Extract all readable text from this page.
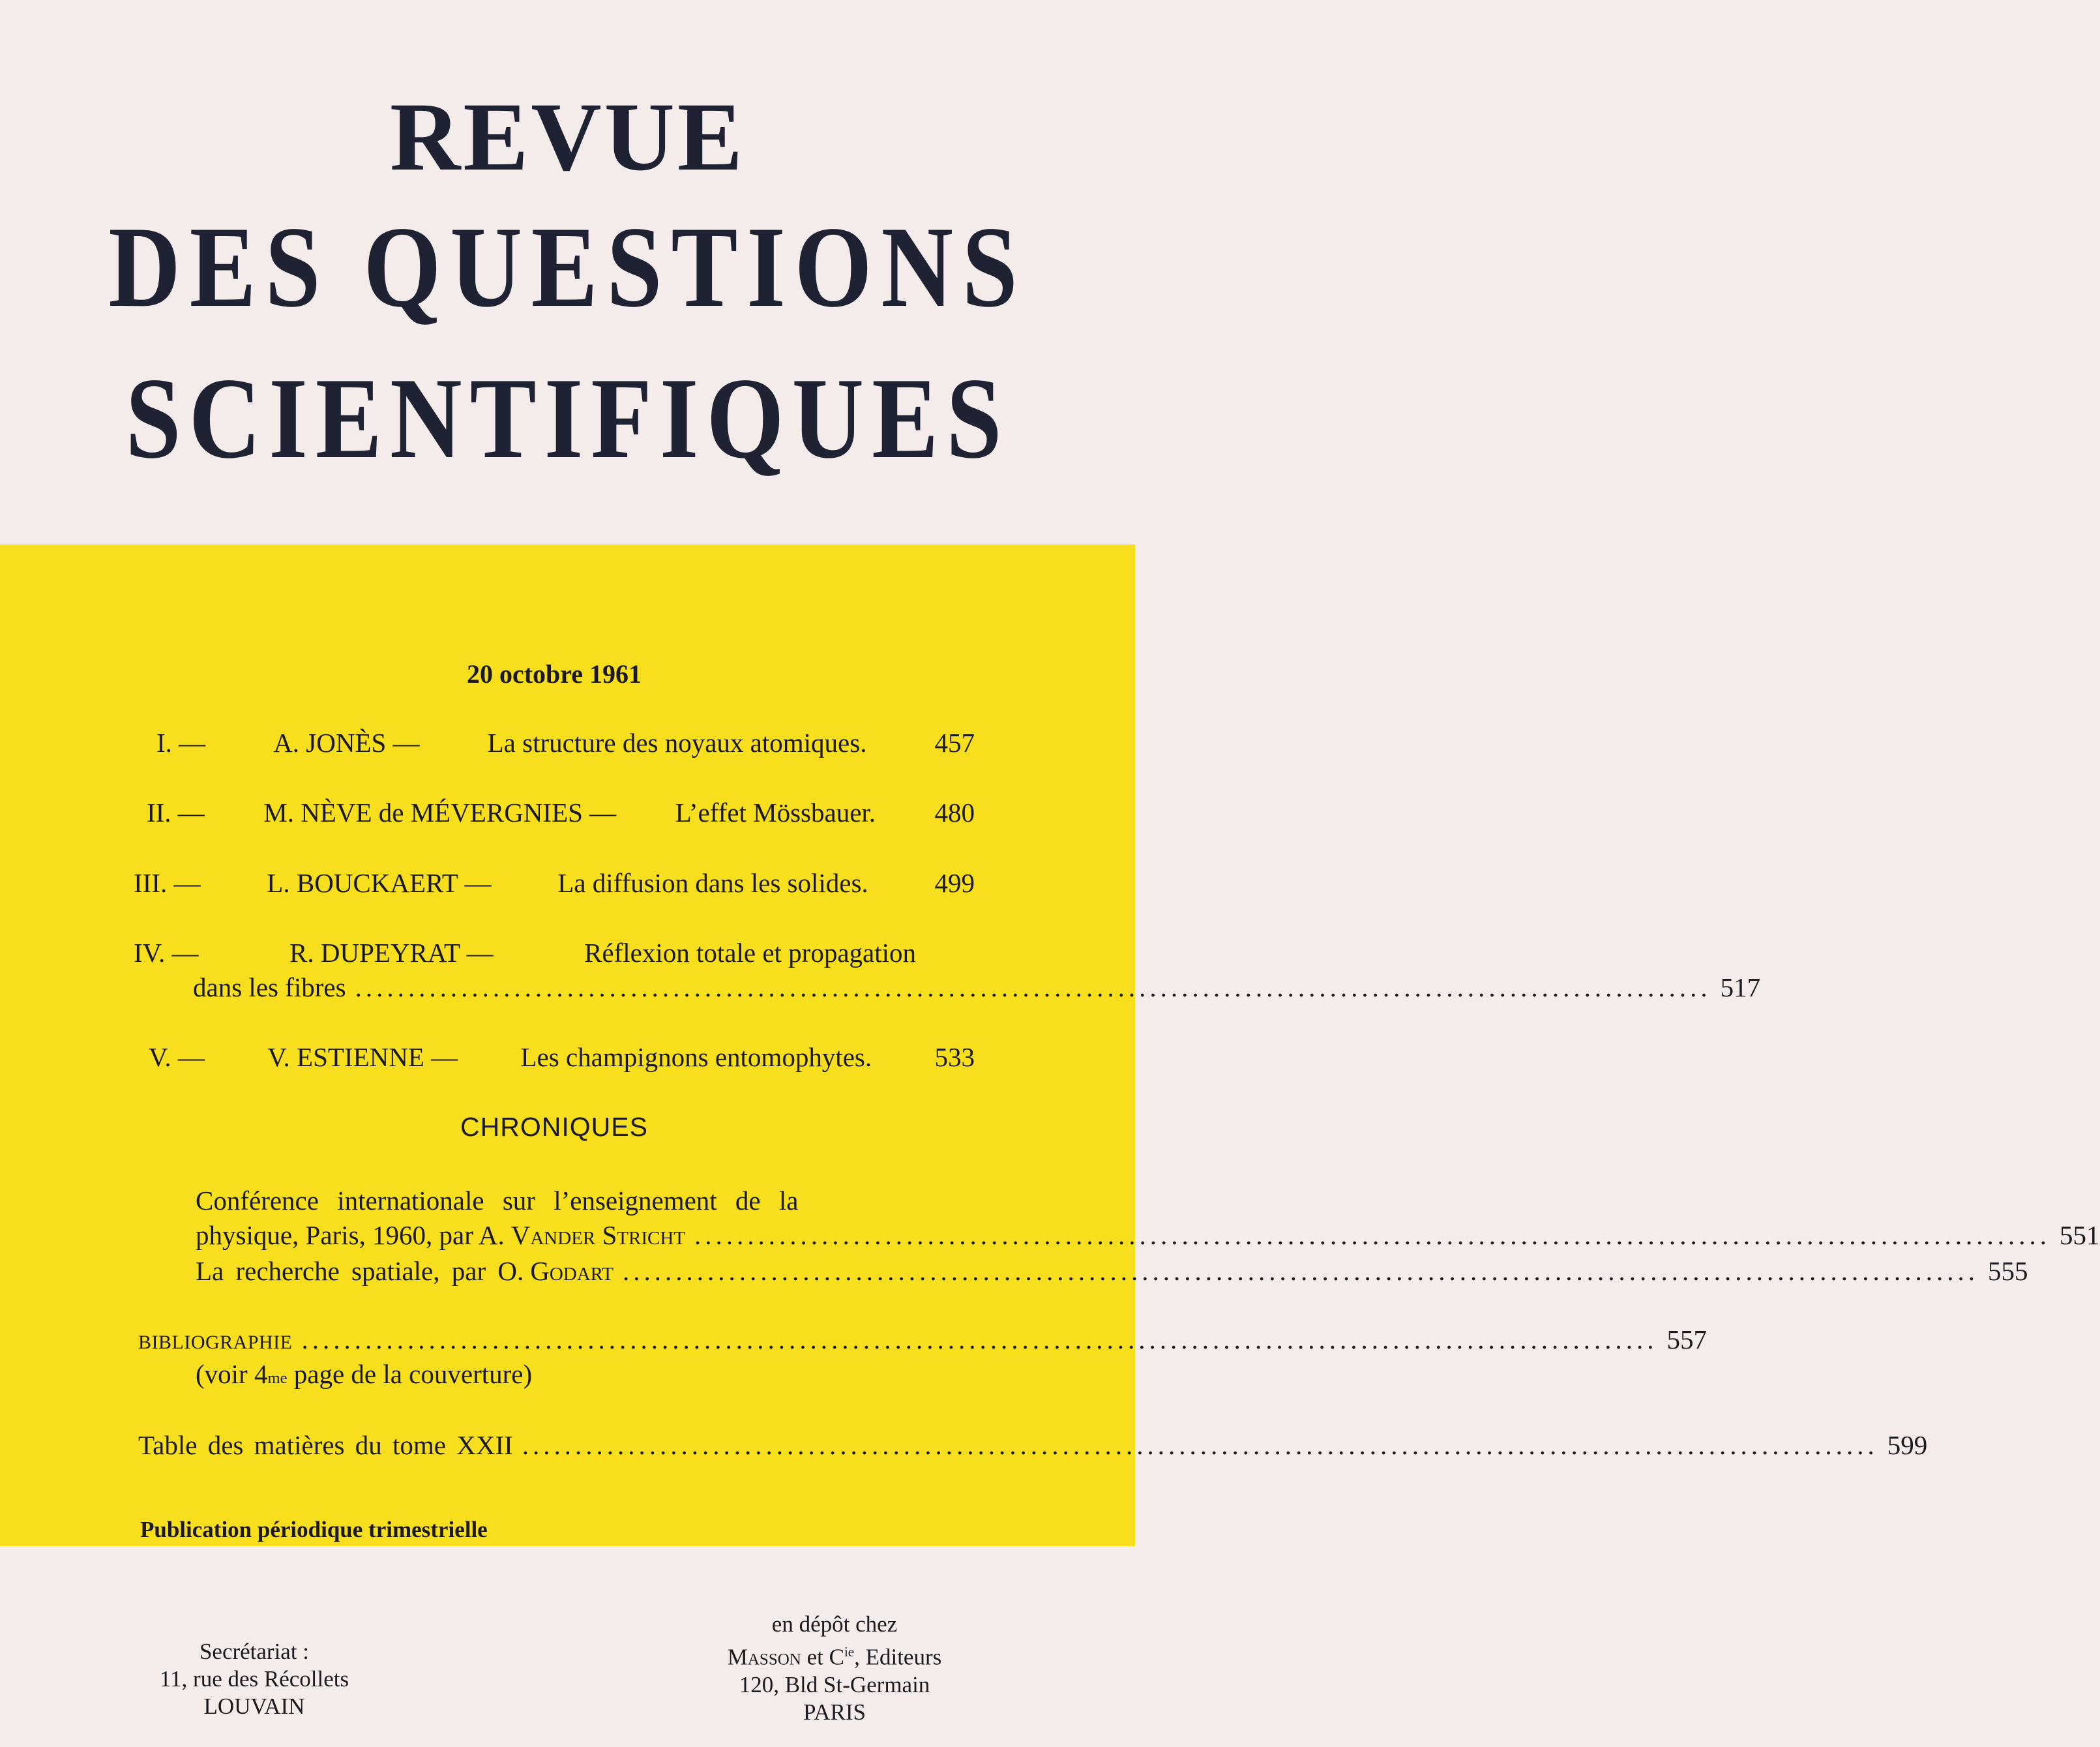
REVUE
DES QUESTIONS
SCIENTIFIQUES
20 octobre 1961
I. —	A. JONÈS —	La structure des noyaux atomiques.	457
II. — M. NÈVE de MÉVERGNIES — L’effet Mössbauer. 480
III. — L. BOUCKAERT — La diffusion dans les solides. 499
IV. —	R. DUPEYRAT —	Réflexion totale et propagation
dans les fibres ................................................................................................................................ 517
V. — V. ESTIENNE — Les champignons entomophytes. 533
CHRONIQUES
Conférence internationale sur l’enseignement de la
physique, Paris, 1960, par A. Vander Stricht ................................................................................................................................ 551
La recherche spatiale, par O. Godart ................................................................................................................................ 555
BIBLIOGRAPHIE ................................................................................................................................ 557
(voir 4 me page de la couverture)
Table des matières du tome XXII ................................................................................................................................ 599
Publication périodique trimestrielle
Secrétariat :
11, rue des Récollets
LOUVAIN
en dépôt chez
Masson et $C^{ie}$, Editeurs
120, Bld St-Germain
PARIS
